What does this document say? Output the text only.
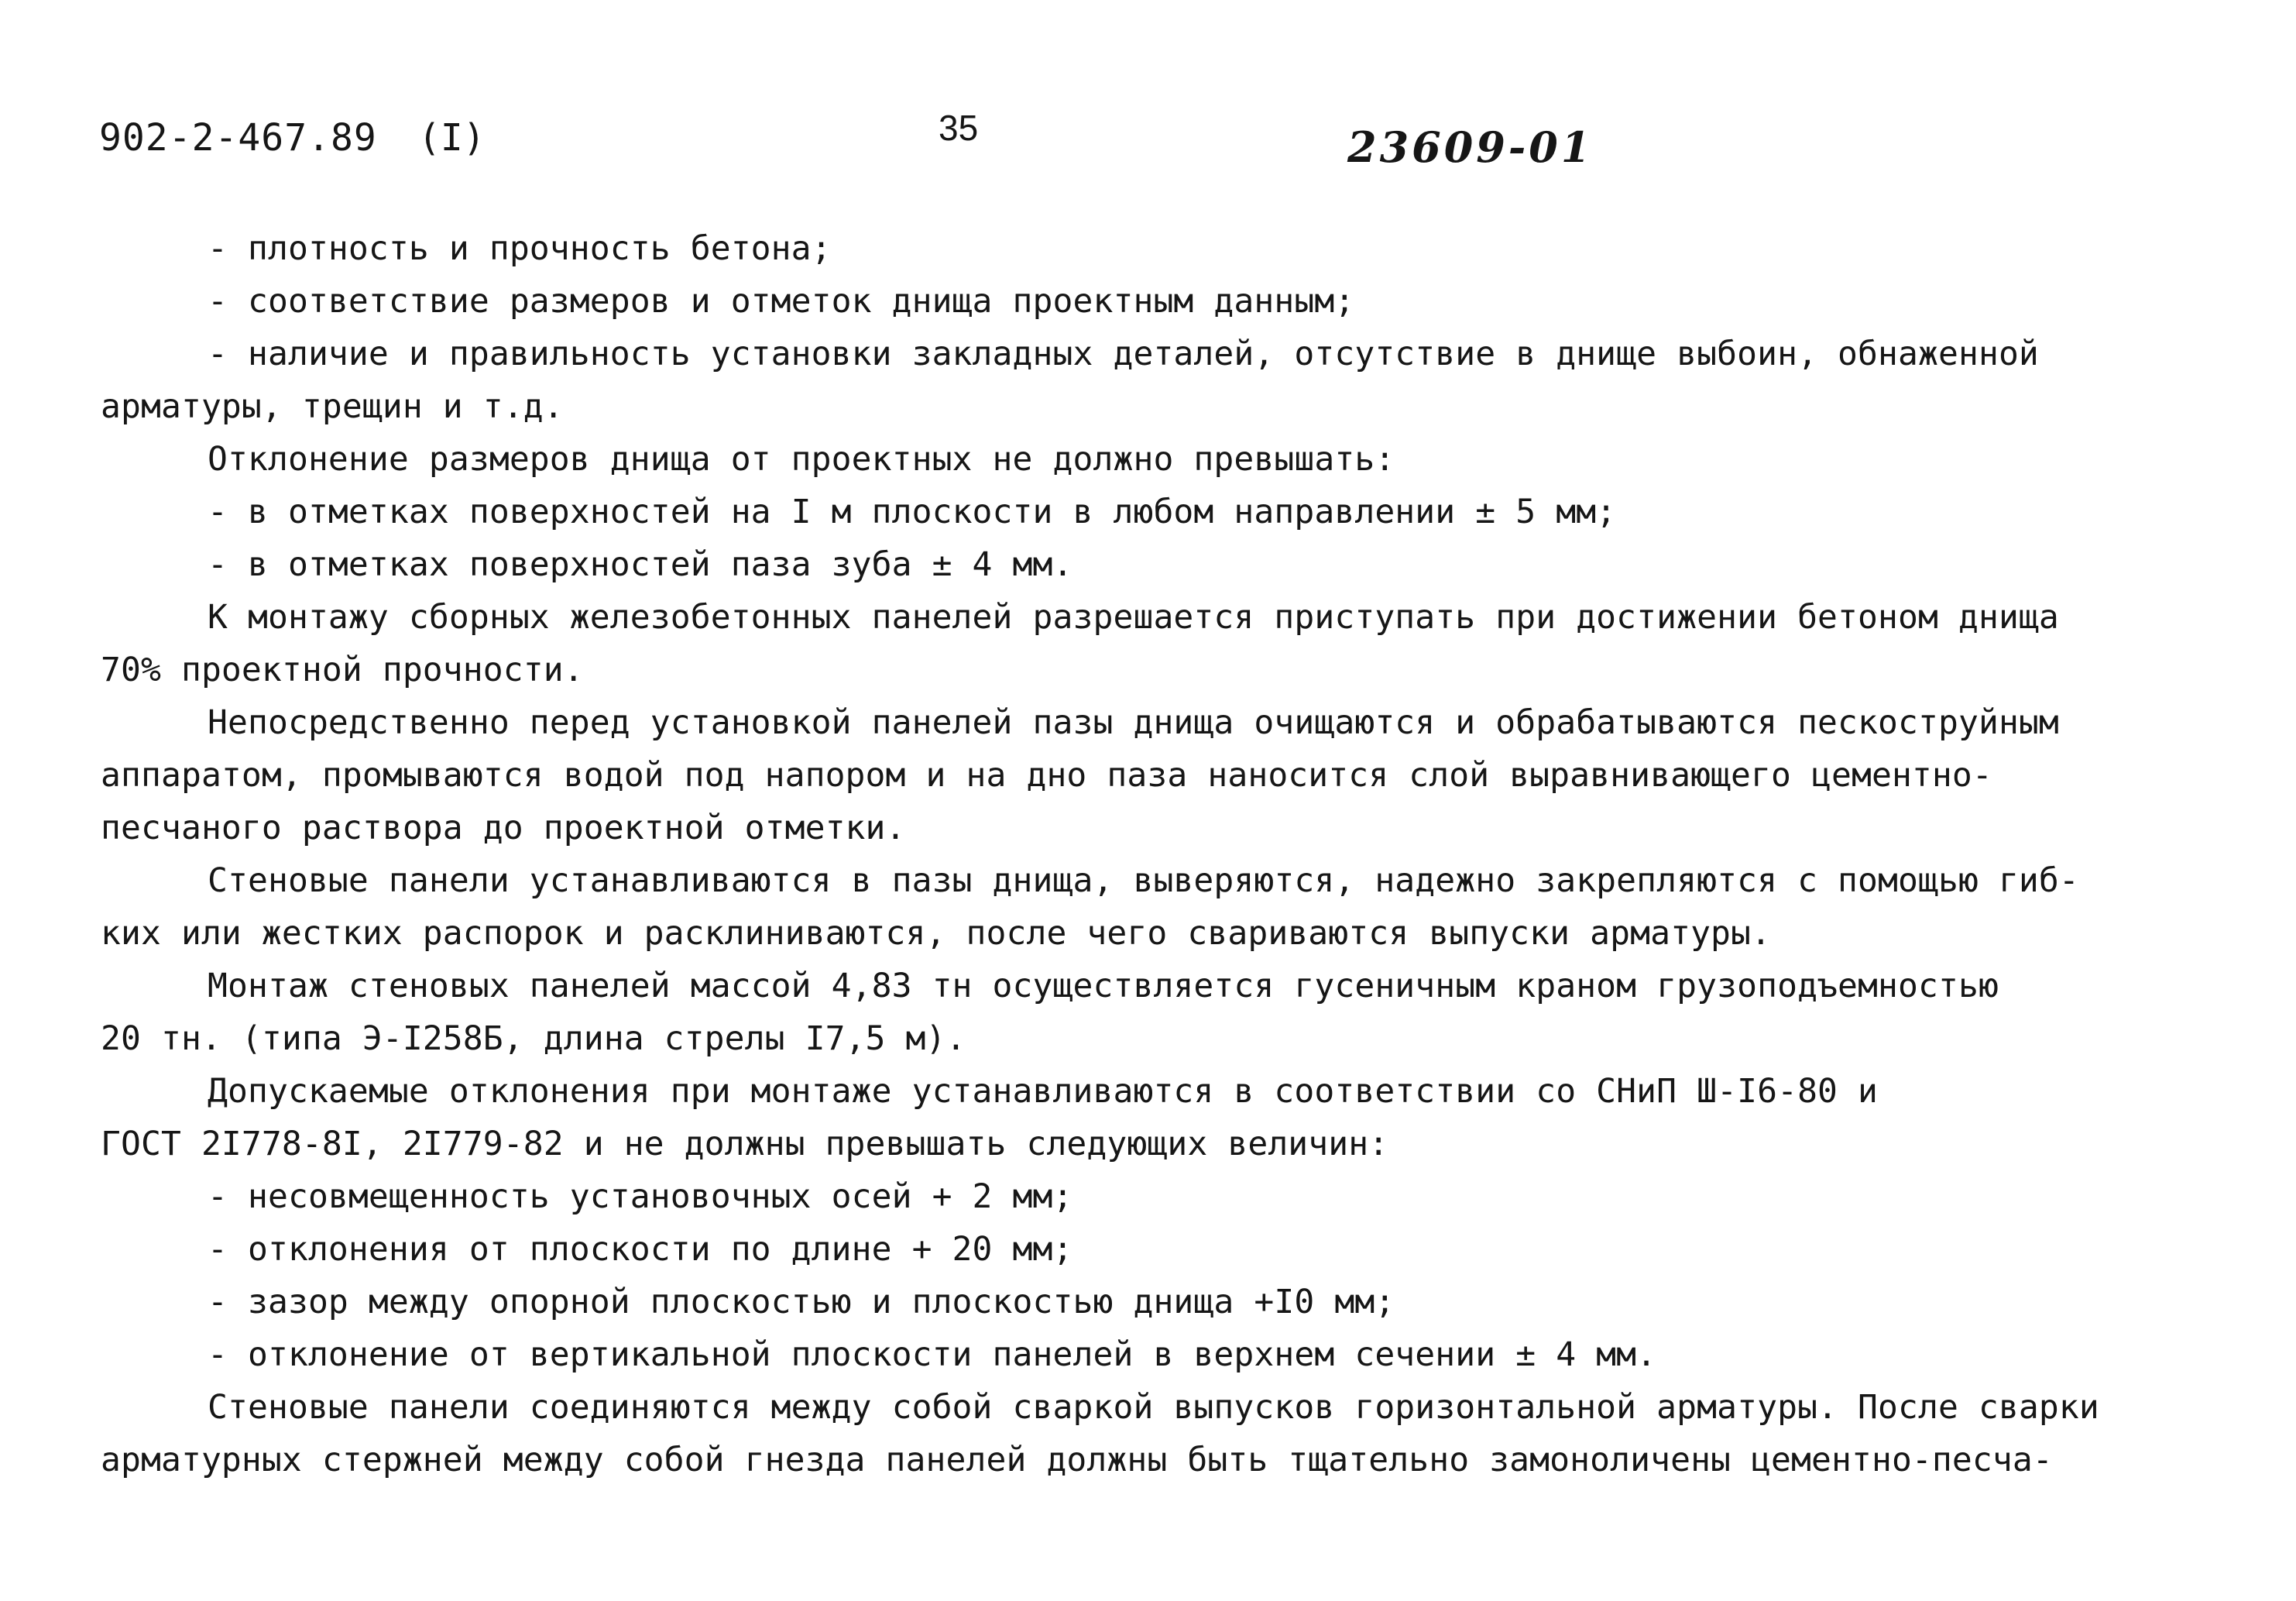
902-2-467.89 (I)	35	23609-01
- плотность и прочность бетона;
- соответствие размеров и отметок днища проектным данным;
- наличие и правильность установки закладных деталей, отсутствие в днище выбоин, обнаженной
арматуры, трещин и т.д.
Отклонение размеров днища от проектных не должно превышать:
- в отметках поверхностей на I м плоскости в любом направлении ± 5 мм;
- в отметках поверхностей паза зуба ± 4 мм.
К монтажу сборных железобетонных панелей разрешается приступать при достижении бетоном днища
70% проектной прочности.
Непосредственно перед установкой панелей пазы днища очищаются и обрабатываются пескоструйным
аппаратом, промываются водой под напором и на дно паза наносится слой выравнивающего цементно-
песчаного раствора до проектной отметки.
Стеновые панели устанавливаются в пазы днища, выверяются, надежно закрепляются с помощью гиб-
ких или жестких распорок и расклиниваются, после чего свариваются выпуски арматуры.
Монтаж стеновых панелей массой 4,83 тн осуществляется гусеничным краном грузоподъемностью
20 тн. (типа Э-I258Б, длина стрелы I7,5 м).
Допускаемые отклонения при монтаже устанавливаются в соответствии со СНиП Ш-I6-80 и
ГОСТ 2I778-8I, 2I779-82 и не должны превышать следующих величин:
- несовмещенность установочных осей + 2 мм;
- отклонения от плоскости по длине + 20 мм;
- зазор между опорной плоскостью и плоскостью днища +I0 мм;
- отклонение от вертикальной плоскости панелей в верхнем сечении ± 4 мм.
Стеновые панели соединяются между собой сваркой выпусков горизонтальной арматуры. После сварки
арматурных стержней между собой гнезда панелей должны быть тщательно замоноличены цементно-песча-
